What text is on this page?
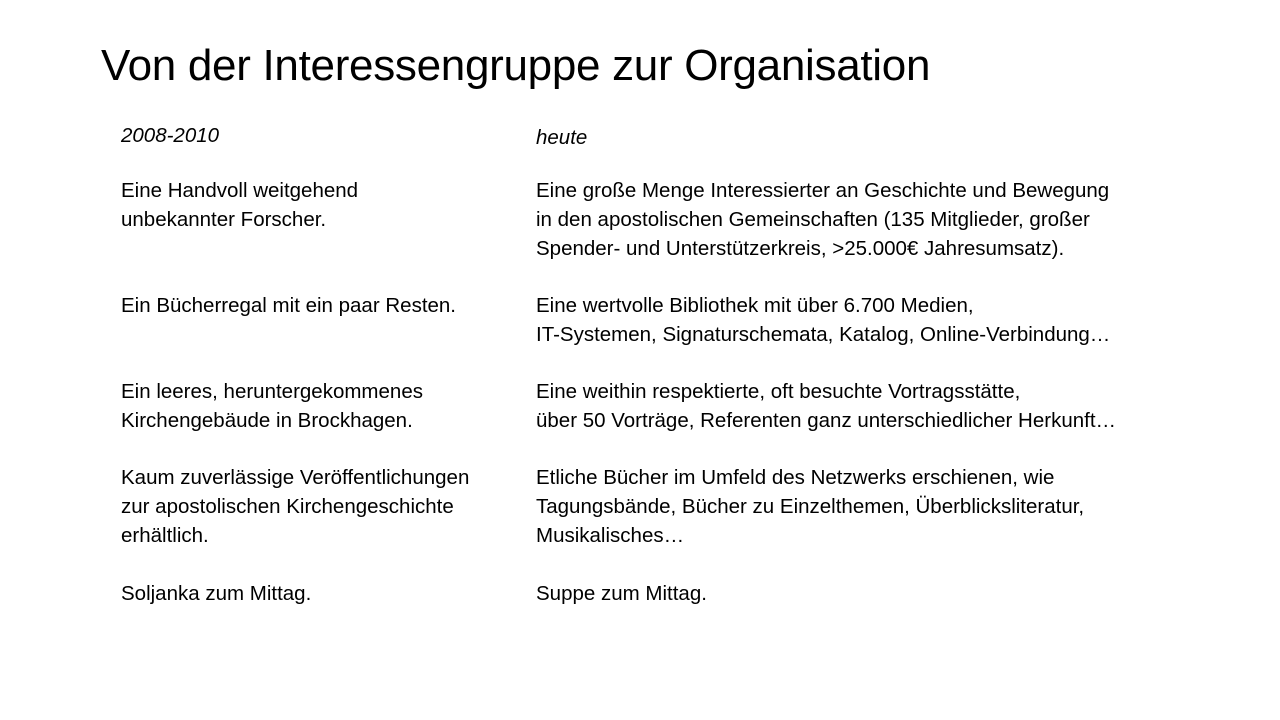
Von der Interessengruppe zur Organisation
2008-2010
Eine Handvoll weitgehend
unbekannter Forscher.
Ein Bücherregal mit ein paar Resten.
Ein leeres, heruntergekommenes
Kirchengebäude in Brockhagen.
Kaum zuverlässige Veröffentlichungen
zur apostolischen Kirchengeschichte
erhältlich.
Soljanka zum Mittag.
heute
Eine große Menge Interessierter an Geschichte und Bewegung
in den apostolischen Gemeinschaften (135 Mitglieder, großer
Spender- und Unterstützerkreis, >25.000€ Jahresumsatz).
Eine wertvolle Bibliothek mit über 6.700 Medien,
IT-Systemen, Signaturschemata, Katalog, Online-Verbindung…
Eine weithin respektierte, oft besuchte Vortragsstätte,
über 50 Vorträge, Referenten ganz unterschiedlicher Herkunft…
Etliche Bücher im Umfeld des Netzwerks erschienen, wie
Tagungsbände, Bücher zu Einzelthemen, Überblicksliteratur,
Musikalisches…
Suppe zum Mittag.
